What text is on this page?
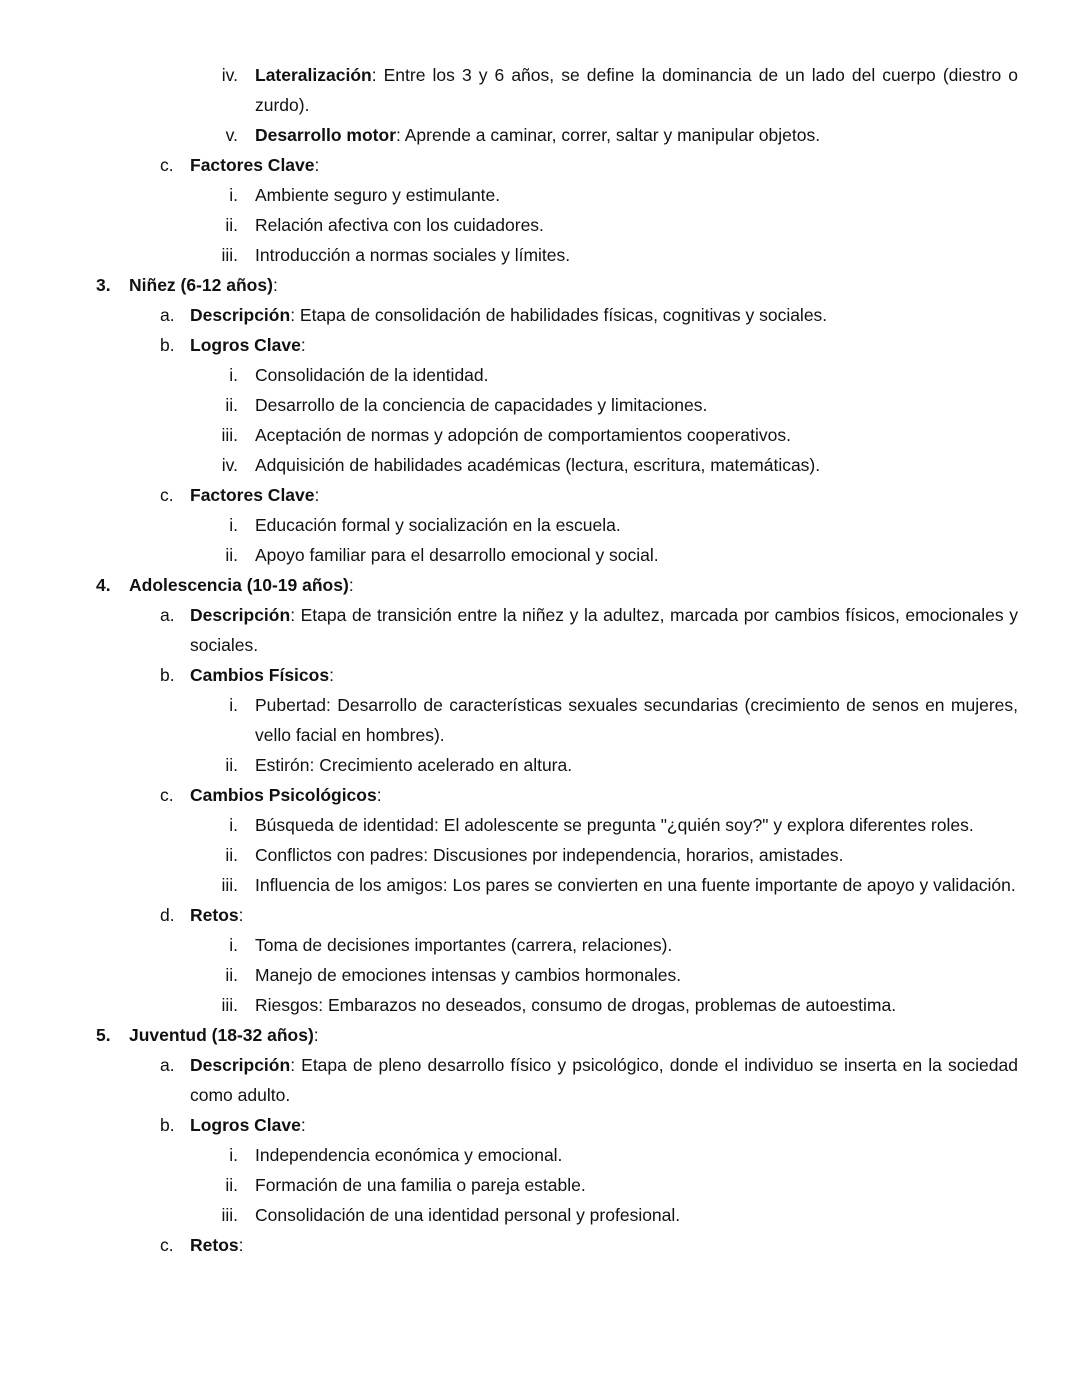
iv. Lateralización: Entre los 3 y 6 años, se define la dominancia de un lado del cuerpo (diestro o zurdo).
v. Desarrollo motor: Aprende a caminar, correr, saltar y manipular objetos.
c. Factores Clave:
i. Ambiente seguro y estimulante.
ii. Relación afectiva con los cuidadores.
iii. Introducción a normas sociales y límites.
3.	Niñez (6-12 años):
a. Descripción: Etapa de consolidación de habilidades físicas, cognitivas y sociales.
b. Logros Clave:
i. Consolidación de la identidad.
ii. Desarrollo de la conciencia de capacidades y limitaciones.
iii. Aceptación de normas y adopción de comportamientos cooperativos.
iv. Adquisición de habilidades académicas (lectura, escritura, matemáticas).
c. Factores Clave:
i. Educación formal y socialización en la escuela.
ii. Apoyo familiar para el desarrollo emocional y social.
4.	Adolescencia (10-19 años):
a. Descripción: Etapa de transición entre la niñez y la adultez, marcada por cambios físicos, emocionales y sociales.
b. Cambios Físicos:
i. Pubertad: Desarrollo de características sexuales secundarias (crecimiento de senos en mujeres, vello facial en hombres).
ii. Estirón: Crecimiento acelerado en altura.
c. Cambios Psicológicos:
i. Búsqueda de identidad: El adolescente se pregunta "¿quién soy?" y explora diferentes roles.
ii. Conflictos con padres: Discusiones por independencia, horarios, amistades.
iii. Influencia de los amigos: Los pares se convierten en una fuente importante de apoyo y validación.
d. Retos:
i. Toma de decisiones importantes (carrera, relaciones).
ii. Manejo de emociones intensas y cambios hormonales.
iii. Riesgos: Embarazos no deseados, consumo de drogas, problemas de autoestima.
5.	Juventud (18-32 años):
a. Descripción: Etapa de pleno desarrollo físico y psicológico, donde el individuo se inserta en la sociedad como adulto.
b. Logros Clave:
i. Independencia económica y emocional.
ii. Formación de una familia o pareja estable.
iii. Consolidación de una identidad personal y profesional.
c. Retos:
